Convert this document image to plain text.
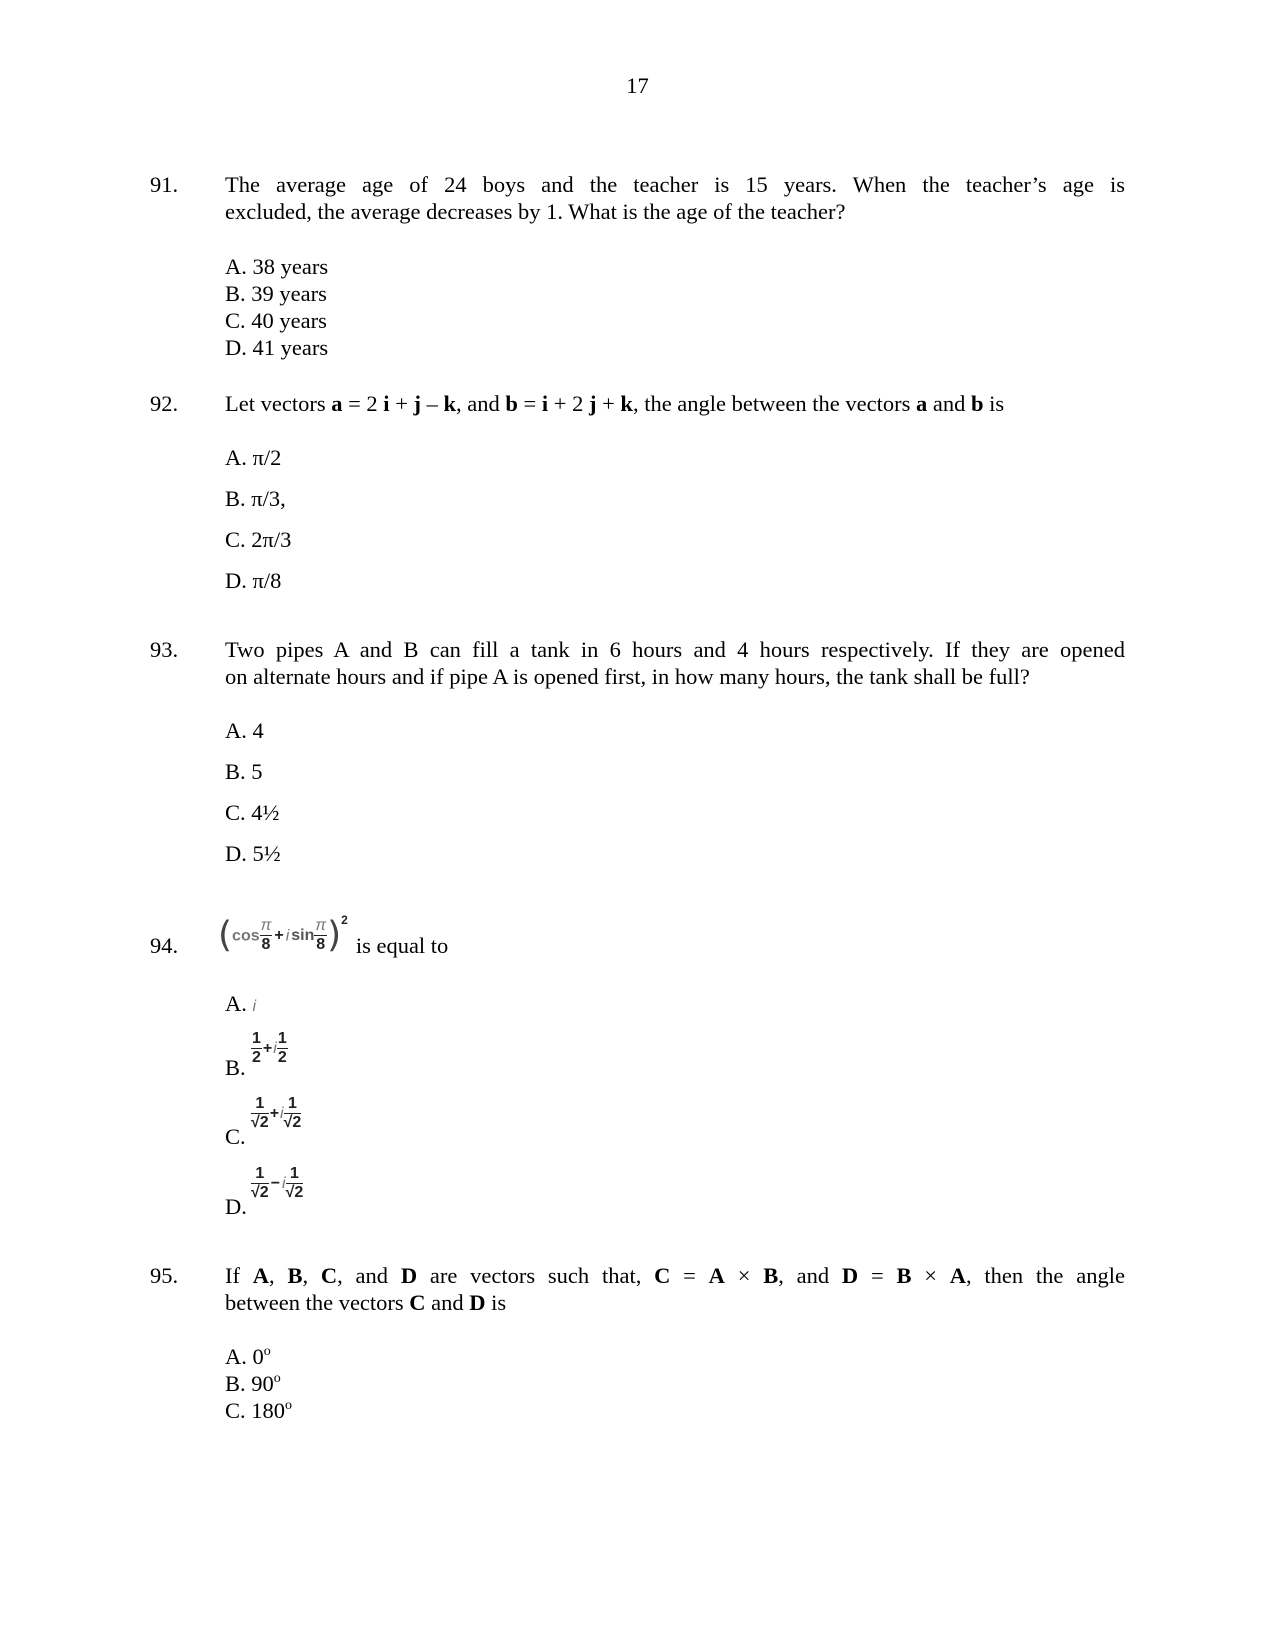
17
91. The average age of 24 boys and the teacher is 15 years. When the teacher’s age is
excluded, the average decreases by 1. What is the age of the teacher?
A. 38 years
B. 39 years
C. 40 years
D. 41 years
92. Let vectors a = 2 i + j – k, and b = i + 2 j + k, the angle between the vectors a and b is
A. π/2
B. π/3,
C. 2π/3
D. π/8
93. Two pipes A and B can fill a tank in 6 hours and 4 hours respectively. If they are opened
on alternate hours and if pipe A is opened first, in how many hours, the tank shall be full?
A. 4
B. 5
C. 4½
D. 5½
94. ($\cos \frac{\pi}{8} + i$ $\sin \frac{\pi}{8} )^2$
is equal to
A. i
B.
$\frac{1}{2} +i \frac{1}{2}$
C.
$\frac{1}{√2} +i \frac{1}{√2}$
D.
$\frac{1}{√2} - i \frac{1}{√2}$
95. If A, B, C, and D are vectors such that, C = A × B, and D = B × A, then the angle
between the vectors C and D is
A. 0$^o$
B. 90$^o$
C. 180$^o$
